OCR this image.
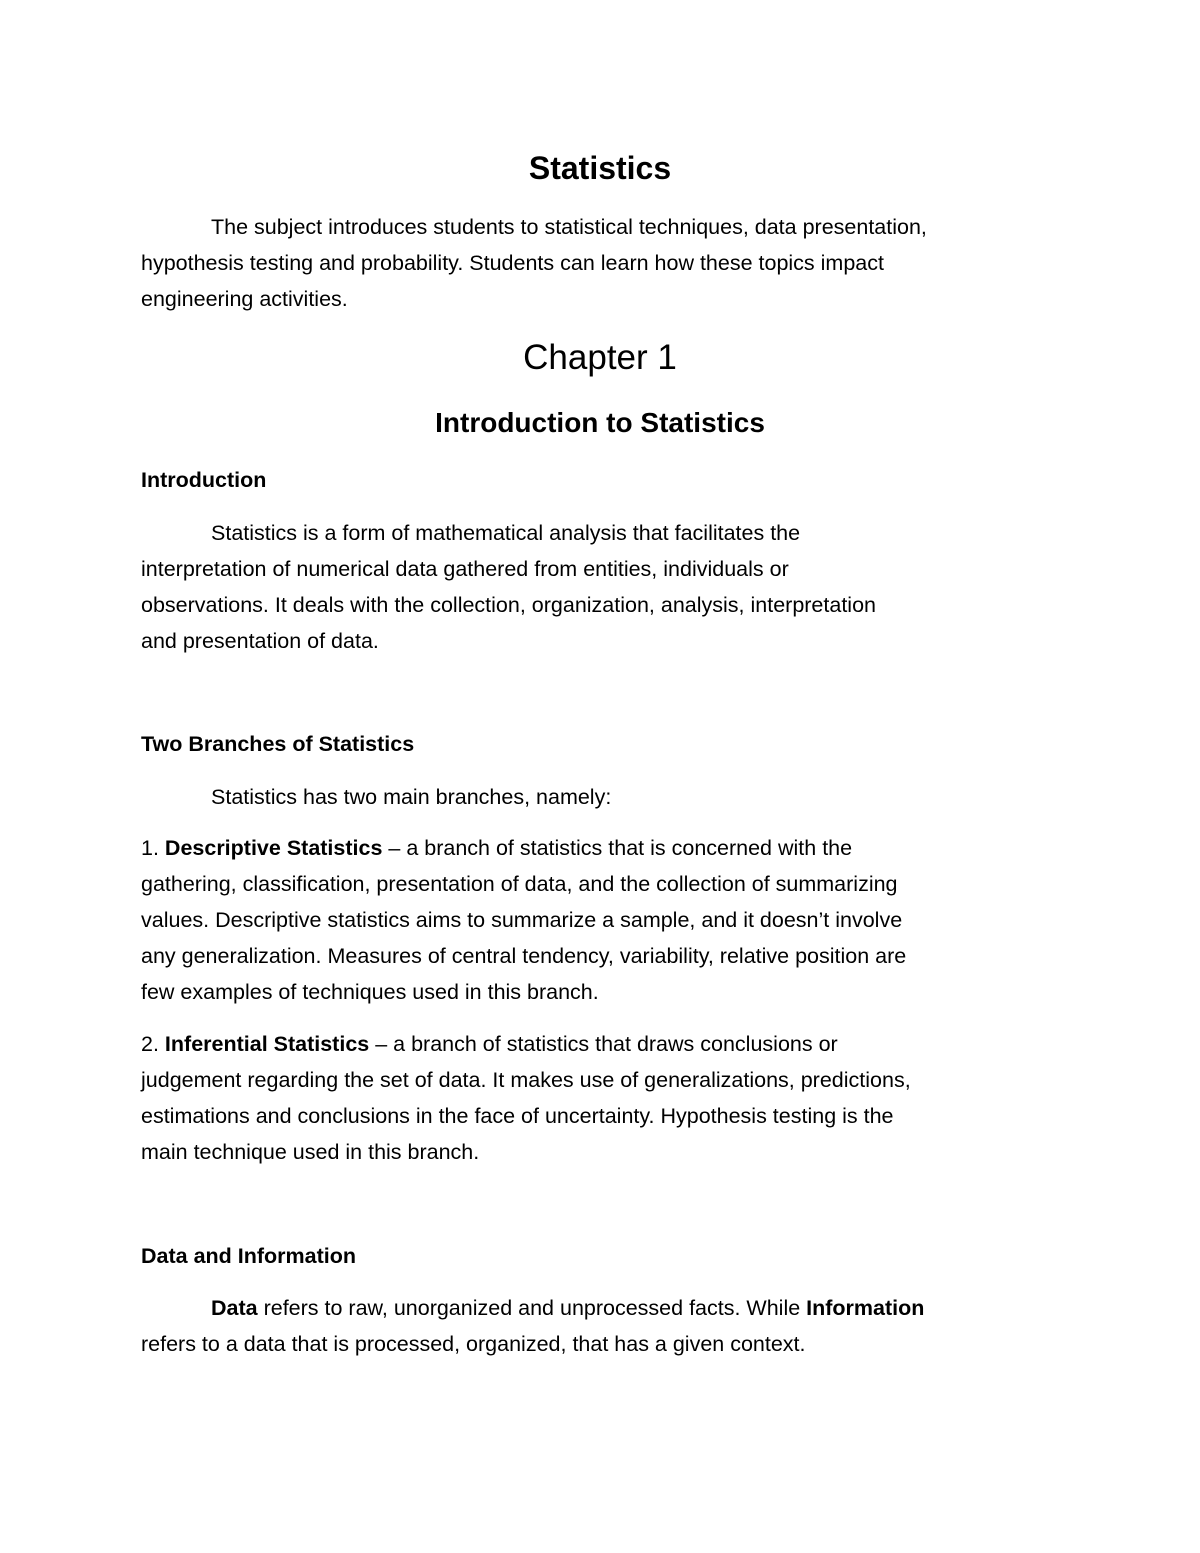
Statistics

The subject introduces students to statistical techniques, data presentation,
hypothesis testing and probability. Students can learn how these topics impact
engineering activities.

Chapter 1
Introduction to Statistics
Introduction

Statistics is a form of mathematical analysis that facilitates the
interpretation of numerical data gathered from entities, individuals or
observations. It deals with the collection, organization, analysis, interpretation
and presentation of data.

Two Branches of Statistics

Statistics has two main branches, namely:

1. Descriptive Statistics – a branch of statistics that is concerned with the
gathering, classification, presentation of data, and the collection of summarizing
values. Descriptive statistics aims to summarize a sample, and it doesn’t involve
any generalization. Measures of central tendency, variability, relative position are
few examples of techniques used in this branch.

2. Inferential Statistics – a branch of statistics that draws conclusions or
judgement regarding the set of data. It makes use of generalizations, predictions,
estimations and conclusions in the face of uncertainty. Hypothesis testing is the
main technique used in this branch.

Data and Information

Data refers to raw, unorganized and unprocessed facts. While Information
refers to a data that is processed, organized, that has a given context.
